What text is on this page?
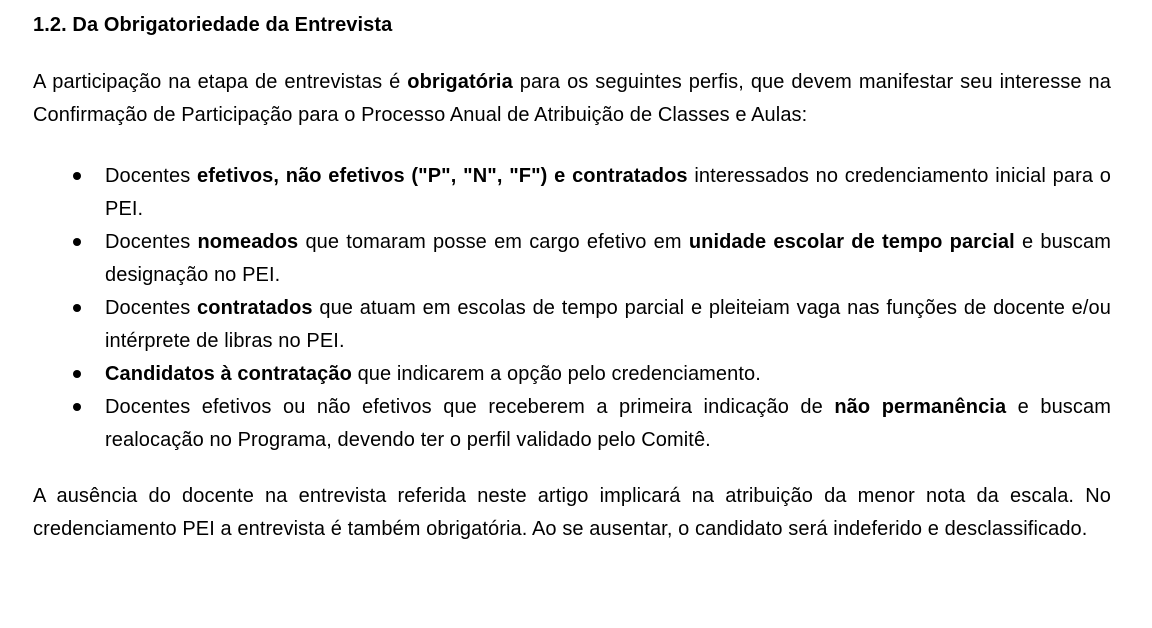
1.2. Da Obrigatoriedade da Entrevista

A participação na etapa de entrevistas é obrigatória para os seguintes perfis, que devem manifestar seu interesse na Confirmação de Participação para o Processo Anual de Atribuição de Classes e Aulas:

Docentes efetivos, não efetivos ("P", "N", "F") e contratados interessados no credenciamento inicial para o PEI.
Docentes nomeados que tomaram posse em cargo efetivo em unidade escolar de tempo parcial e buscam designação no PEI.
Docentes contratados que atuam em escolas de tempo parcial e pleiteiam vaga nas funções de docente e/ou intérprete de libras no PEI.
Candidatos à contratação que indicarem a opção pelo credenciamento.
Docentes efetivos ou não efetivos que receberem a primeira indicação de não permanência e buscam realocação no Programa, devendo ter o perfil validado pelo Comitê.

A ausência do docente na entrevista referida neste artigo implicará na atribuição da menor nota da escala. No credenciamento PEI a entrevista é também obrigatória. Ao se ausentar, o candidato será indeferido e desclassificado.
